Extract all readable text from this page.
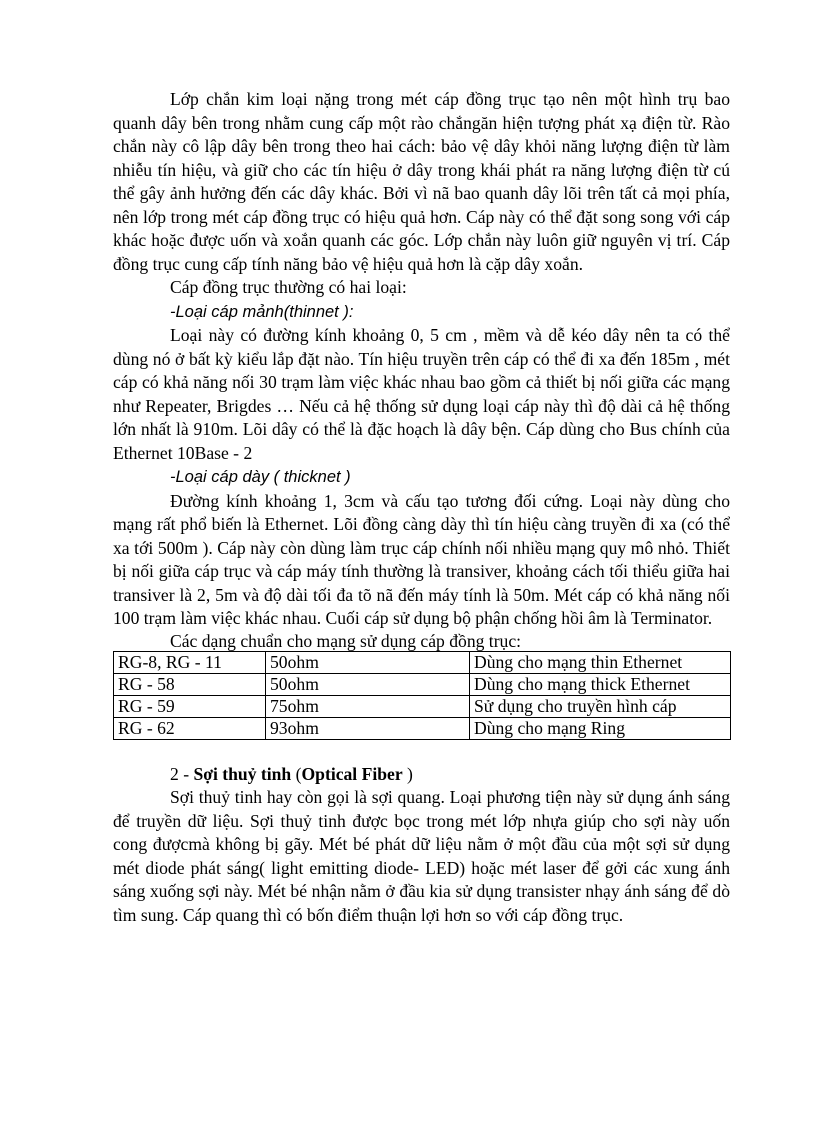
Lớp chắn kim loại nặng trong mét cáp đồng trục tạo nên một hình trụ bao quanh dây bên trong nhằm cung cấp một rào chắngăn hiện tượng phát xạ điện từ. Rào chắn này cô lập dây bên trong theo hai cách: bảo vệ dây khỏi năng lượng điện từ làm nhiễu tín hiệu, và giữ cho các tín hiệu ở dây trong khái phát ra năng lượng điện từ cú thể gây ảnh hưởng đến các dây khác. Bởi vì nã bao quanh dây lõi trên tất cả mọi phía, nên lớp trong mét cáp đồng trục có hiệu quả hơn. Cáp này có thể đặt song song với cáp khác hoặc được uốn và xoắn quanh các góc. Lớp chắn này luôn giữ nguyên vị trí. Cáp đồng trục cung cấp tính năng bảo vệ hiệu quả hơn là cặp dây xoắn.

Cáp đồng trục thường có hai loại:

-Loại cáp mảnh(thinnet ):

Loại này có đường kính khoảng 0, 5 cm , mềm và dễ kéo dây nên ta có thể dùng nó ở bất kỳ kiểu lắp đặt nào. Tín hiệu truyền trên cáp có thể đi xa đến 185m , mét cáp có khả năng nối 30 trạm làm việc khác nhau bao gồm cả thiết bị nối giữa các mạng như Repeater, Brigdes … Nếu cả hệ thống sử dụng loại cáp này thì độ dài cả hệ thống lớn nhất là 910m. Lõi dây có thể là đặc hoạch là dây bện. Cáp dùng cho Bus chính của Ethernet 10Base - 2

-Loại cáp dày ( thicknet )

Đường kính khoảng 1, 3cm và cấu tạo tương đối cứng. Loại này dùng cho mạng rất phổ biến là Ethernet. Lõi đồng càng dày thì tín hiệu càng truyền đi xa (có thể xa tới 500m ). Cáp này còn dùng làm trục cáp chính nối nhiều mạng quy mô nhỏ. Thiết bị nối giữa cáp trục và cáp máy tính thường là transiver, khoảng cách tối thiểu giữa hai transiver là 2, 5m và độ dài tối đa tõ nã đến máy tính là 50m. Mét cáp có khả năng nối 100 trạm làm việc khác nhau. Cuối cáp sử dụng bộ phận chống hồi âm là Terminator.

Các dạng chuẩn cho mạng sử dụng cáp đồng trục:

RG-8, RG - 11	50ohm	Dùng cho mạng thin Ethernet
RG - 58	50ohm	Dùng cho mạng thick Ethernet
RG - 59	75ohm	Sử dụng cho truyền hình cáp
RG - 62	93ohm	Dùng cho mạng Ring

2 - Sợi thuỷ tinh (Optical Fiber )

Sợi thuỷ tinh hay còn gọi là sợi quang. Loại phương tiện này sử dụng ánh sáng để truyền dữ liệu. Sợi thuỷ tinh được bọc trong mét lớp nhựa giúp cho sợi này uốn cong đượcmà không bị gãy. Mét bé phát dữ liệu nằm ở một đầu của một sợi sử dụng mét diode phát sáng( light emitting diode- LED) hoặc mét laser để gởi các xung ánh sáng xuống sợi này. Mét bé nhận nằm ở đầu kia sử dụng transister nhạy ánh sáng để dò tìm sung. Cáp quang thì có bốn điểm thuận lợi hơn so với cáp đồng trục.
